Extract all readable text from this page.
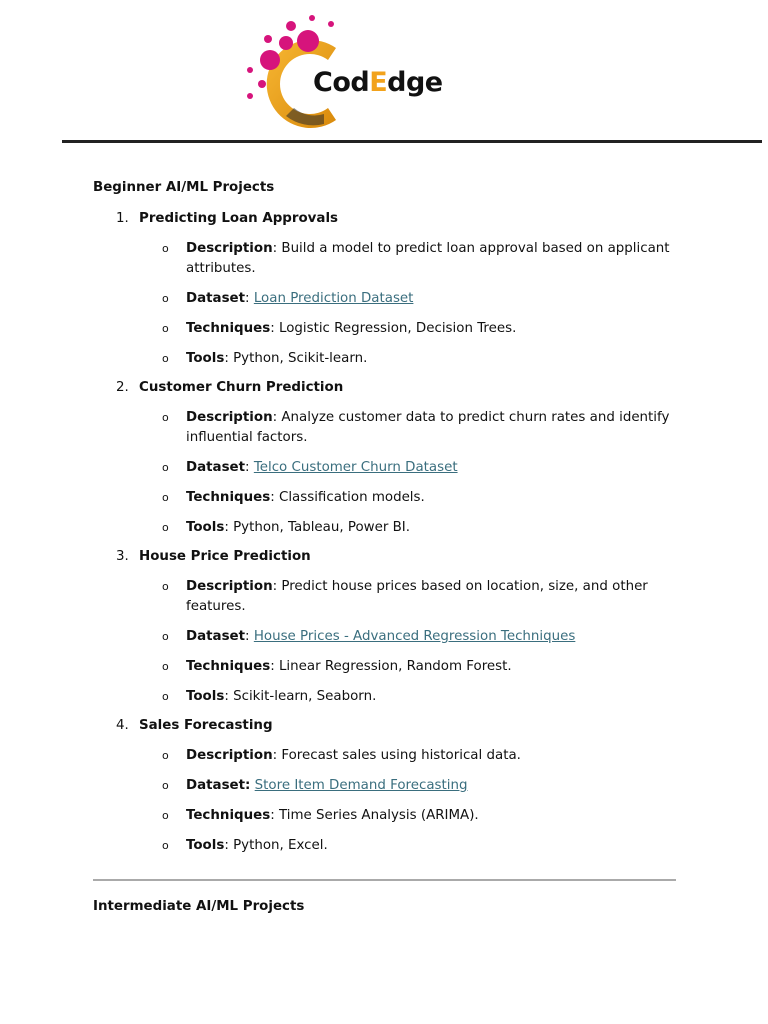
CodEdge
Beginner AI/ML Projects
1. Predicting Loan Approvals
o	Description: Build a model to predict loan approval based on applicant attributes.
o	Dataset: Loan Prediction Dataset
o	Techniques: Logistic Regression, Decision Trees.
o	Tools: Python, Scikit-learn.
2. Customer Churn Prediction
o	Description: Analyze customer data to predict churn rates and identify influential factors.
o	Dataset: Telco Customer Churn Dataset
o	Techniques: Classification models.
o	Tools: Python, Tableau, Power BI.
3. House Price Prediction
o	Description: Predict house prices based on location, size, and other features.
o	Dataset: House Prices - Advanced Regression Techniques
o	Techniques: Linear Regression, Random Forest.
o	Tools: Scikit-learn, Seaborn.
4. Sales Forecasting
o	Description: Forecast sales using historical data.
o	Dataset: Store Item Demand Forecasting
o	Techniques: Time Series Analysis (ARIMA).
o	Tools: Python, Excel.
Intermediate AI/ML Projects
